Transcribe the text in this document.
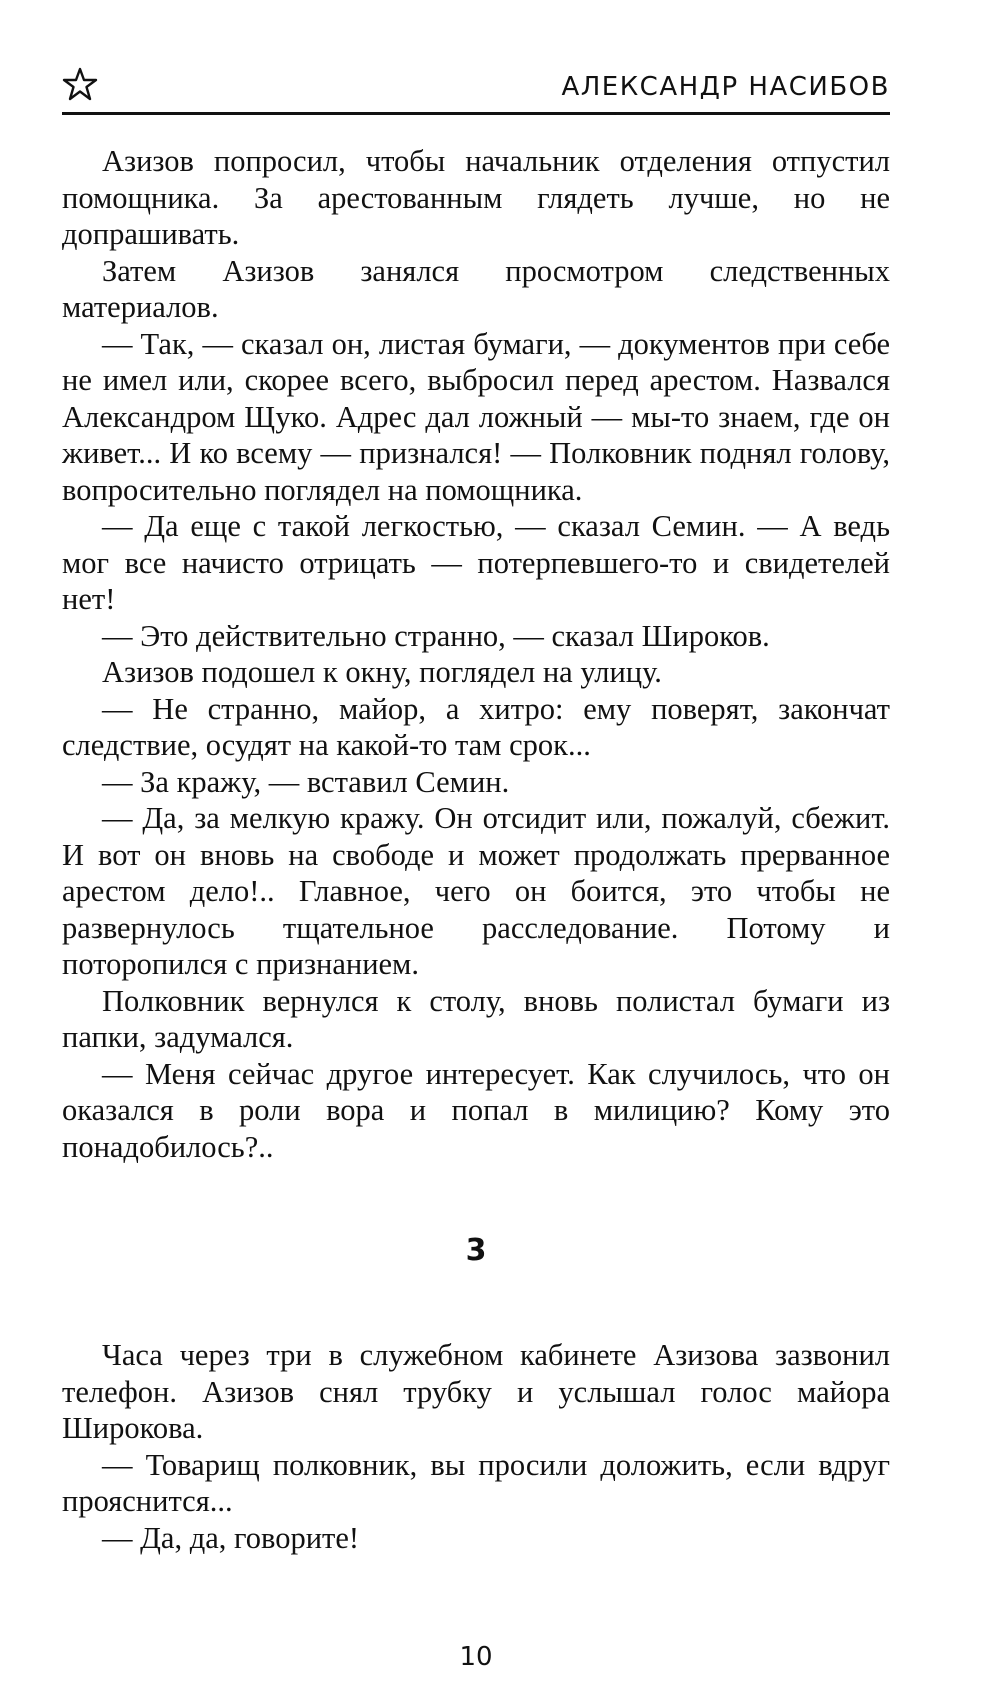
АЛЕКСАНДР НАСИБОВ

Азизов попросил, чтобы начальник отделения отпустил помощника. За арестованным глядеть лучше, но не допрашивать.

Затем Азизов занялся просмотром следственных материалов.

— Так, — сказал он, листая бумаги, — документов при себе не имел или, скорее всего, выбросил перед арестом. Назвался Александром Щуко. Адрес дал ложный — мы-то знаем, где он живет... И ко всему — признался! — Полковник поднял голову, вопросительно поглядел на помощника.

— Да еще с такой легкостью, — сказал Семин. — А ведь мог все начисто отрицать — потерпевшего-то и свидетелей нет!

— Это действительно странно, — сказал Широков.

Азизов подошел к окну, поглядел на улицу.

— Не странно, майор, а хитро: ему поверят, закончат следствие, осудят на какой-то там срок...

— За кражу, — вставил Семин.

— Да, за мелкую кражу. Он отсидит или, пожалуй, сбежит. И вот он вновь на свободе и может продолжать прерванное арестом дело!.. Главное, чего он боится, это чтобы не развернулось тщательное расследование. Потому и поторопился с признанием.

Полковник вернулся к столу, вновь полистал бумаги из папки, задумался.

— Меня сейчас другое интересует. Как случилось, что он оказался в роли вора и попал в милицию? Кому это понадобилось?..

3

Часа через три в служебном кабинете Азизова зазвонил телефон. Азизов снял трубку и услышал голос майора Широкова.

— Товарищ полковник, вы просили доложить, если вдруг прояснится...

— Да, да, говорите!

10
